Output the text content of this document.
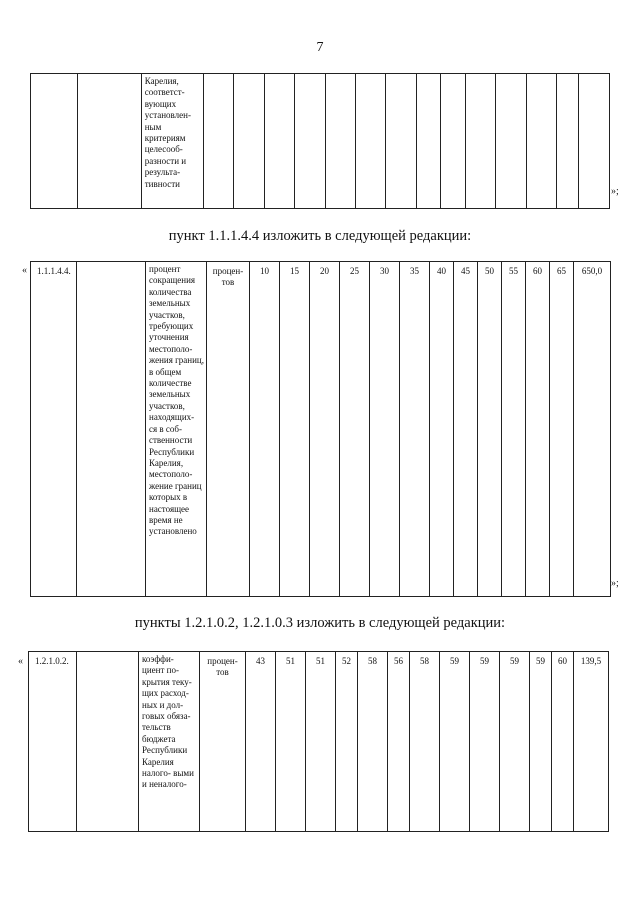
7
		Карелия, соответст- вующих установлен- ным критериям целесооб- разности и результа- тивности														
»;
пункт 1.1.1.4.4 изложить в следующей редакции:
« 1.1.1.4.4.		процент сокращения количества земельных участков, требующих уточнения местополо- жения границ, в общем количестве земельных участков, находящих- ся в соб- ственности Республики Карелия, местополо- жение границ которых в настоящее время не установлено	процен- тов	10	15	20	25	30	35	40	45	50	55	60	65	650,0
»;
пункты 1.2.1.0.2, 1.2.1.0.3 изложить в следующей редакции:
« 1.2.1.0.2.		коэффи- циент по- крытия теку- щих расход- ных и дол- говых обяза- тельств бюджета Республики Карелия налого- выми и неналого-	процен- тов	43	51	51	52	58	56	58	59	59	59	59	60	139,5
